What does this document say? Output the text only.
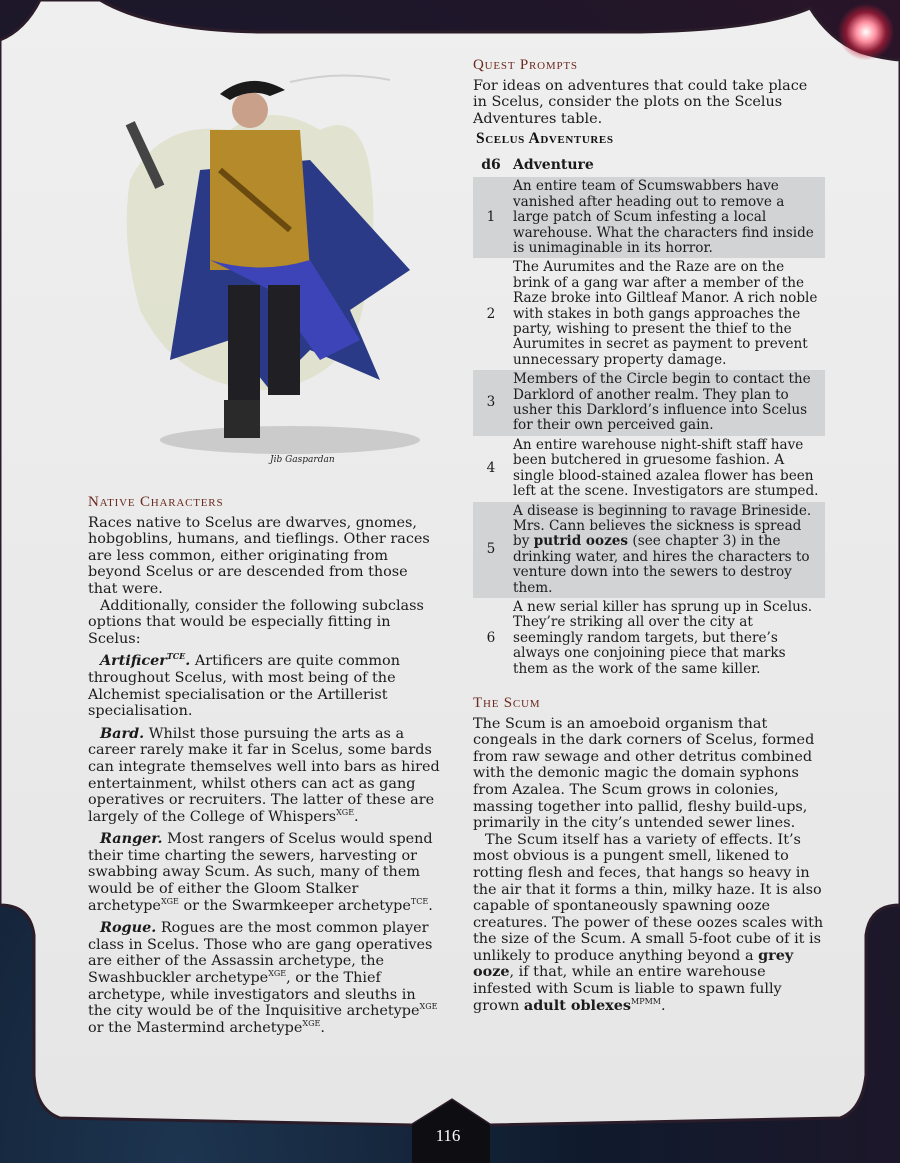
Jib Gaspardan
Native Characters

Races native to Scelus are dwarves, gnomes, hobgoblins, humans, and tieflings. Other races are less common, either originating from beyond Scelus or are descended from those that were.

Additionally, consider the following subclass options that would be especially fitting in Scelus:

Artificer$^{TCE}$. Artificers are quite common throughout Scelus, with most being of the Alchemist specialisation or the Artillerist specialisation.

Bard. Whilst those pursuing the arts as a career rarely make it far in Scelus, some bards can integrate themselves well into bars as hired entertainment, whilst others can act as gang operatives or recruiters. The latter of these are largely of the College of Whispers$^{XGE}$.

Ranger. Most rangers of Scelus would spend their time charting the sewers, harvesting or swabbing away Scum. As such, many of them would be of either the Gloom Stalker archetype$^{XGE}$ or the Swarmkeeper archetype$^{TCE}$.

Rogue. Rogues are the most common player class in Scelus. Those who are gang operatives are either of the Assassin archetype, the Swashbuckler archetype$^{XGE}$, or the Thief archetype, while investigators and sleuths in the city would be of the Inquisitive archetype$^{XGE}$ or the Mastermind archetype$^{XGE}$.

Quest Prompts

For ideas on adventures that could take place in Scelus, consider the plots on the Scelus Adventures table.

Scelus Adventures
d6	Adventure
1	An entire team of Scumswabbers have vanished after heading out to remove a large patch of Scum infesting a local warehouse. What the characters find inside is unimaginable in its horror.
2	The Aurumites and the Raze are on the brink of a gang war after a member of the Raze broke into Giltleaf Manor. A rich noble with stakes in both gangs approaches the party, wishing to present the thief to the Aurumites in secret as payment to prevent unnecessary property damage.
3	Members of the Circle begin to contact the Darklord of another realm. They plan to usher this Darklord’s influence into Scelus for their own perceived gain.
4	An entire warehouse night-shift staff have been butchered in gruesome fashion. A single blood-stained azalea flower has been left at the scene. Investigators are stumped.
5	A disease is beginning to ravage Brineside. Mrs. Cann believes the sickness is spread by putrid oozes (see chapter 3) in the drinking water, and hires the characters to venture down into the sewers to destroy them.
6	A new serial killer has sprung up in Scelus. They’re striking all over the city at seemingly random targets, but there’s always one conjoining piece that marks them as the work of the same killer.
The Scum

The Scum is an amoeboid organism that congeals in the dark corners of Scelus, formed from raw sewage and other detritus combined with the demonic magic the domain syphons from Azalea. The Scum grows in colonies, massing together into pallid, fleshy build-ups, primarily in the city’s untended sewer lines.

The Scum itself has a variety of effects. It’s most obvious is a pungent smell, likened to rotting flesh and feces, that hangs so heavy in the air that it forms a thin, milky haze. It is also capable of spontaneously spawning ooze creatures. The power of these oozes scales with the size of the Scum. A small 5-foot cube of it is unlikely to produce anything beyond a grey ooze, if that, while an entire warehouse infested with Scum is liable to spawn fully grown adult oblexes$^{MPMM}$.

116
